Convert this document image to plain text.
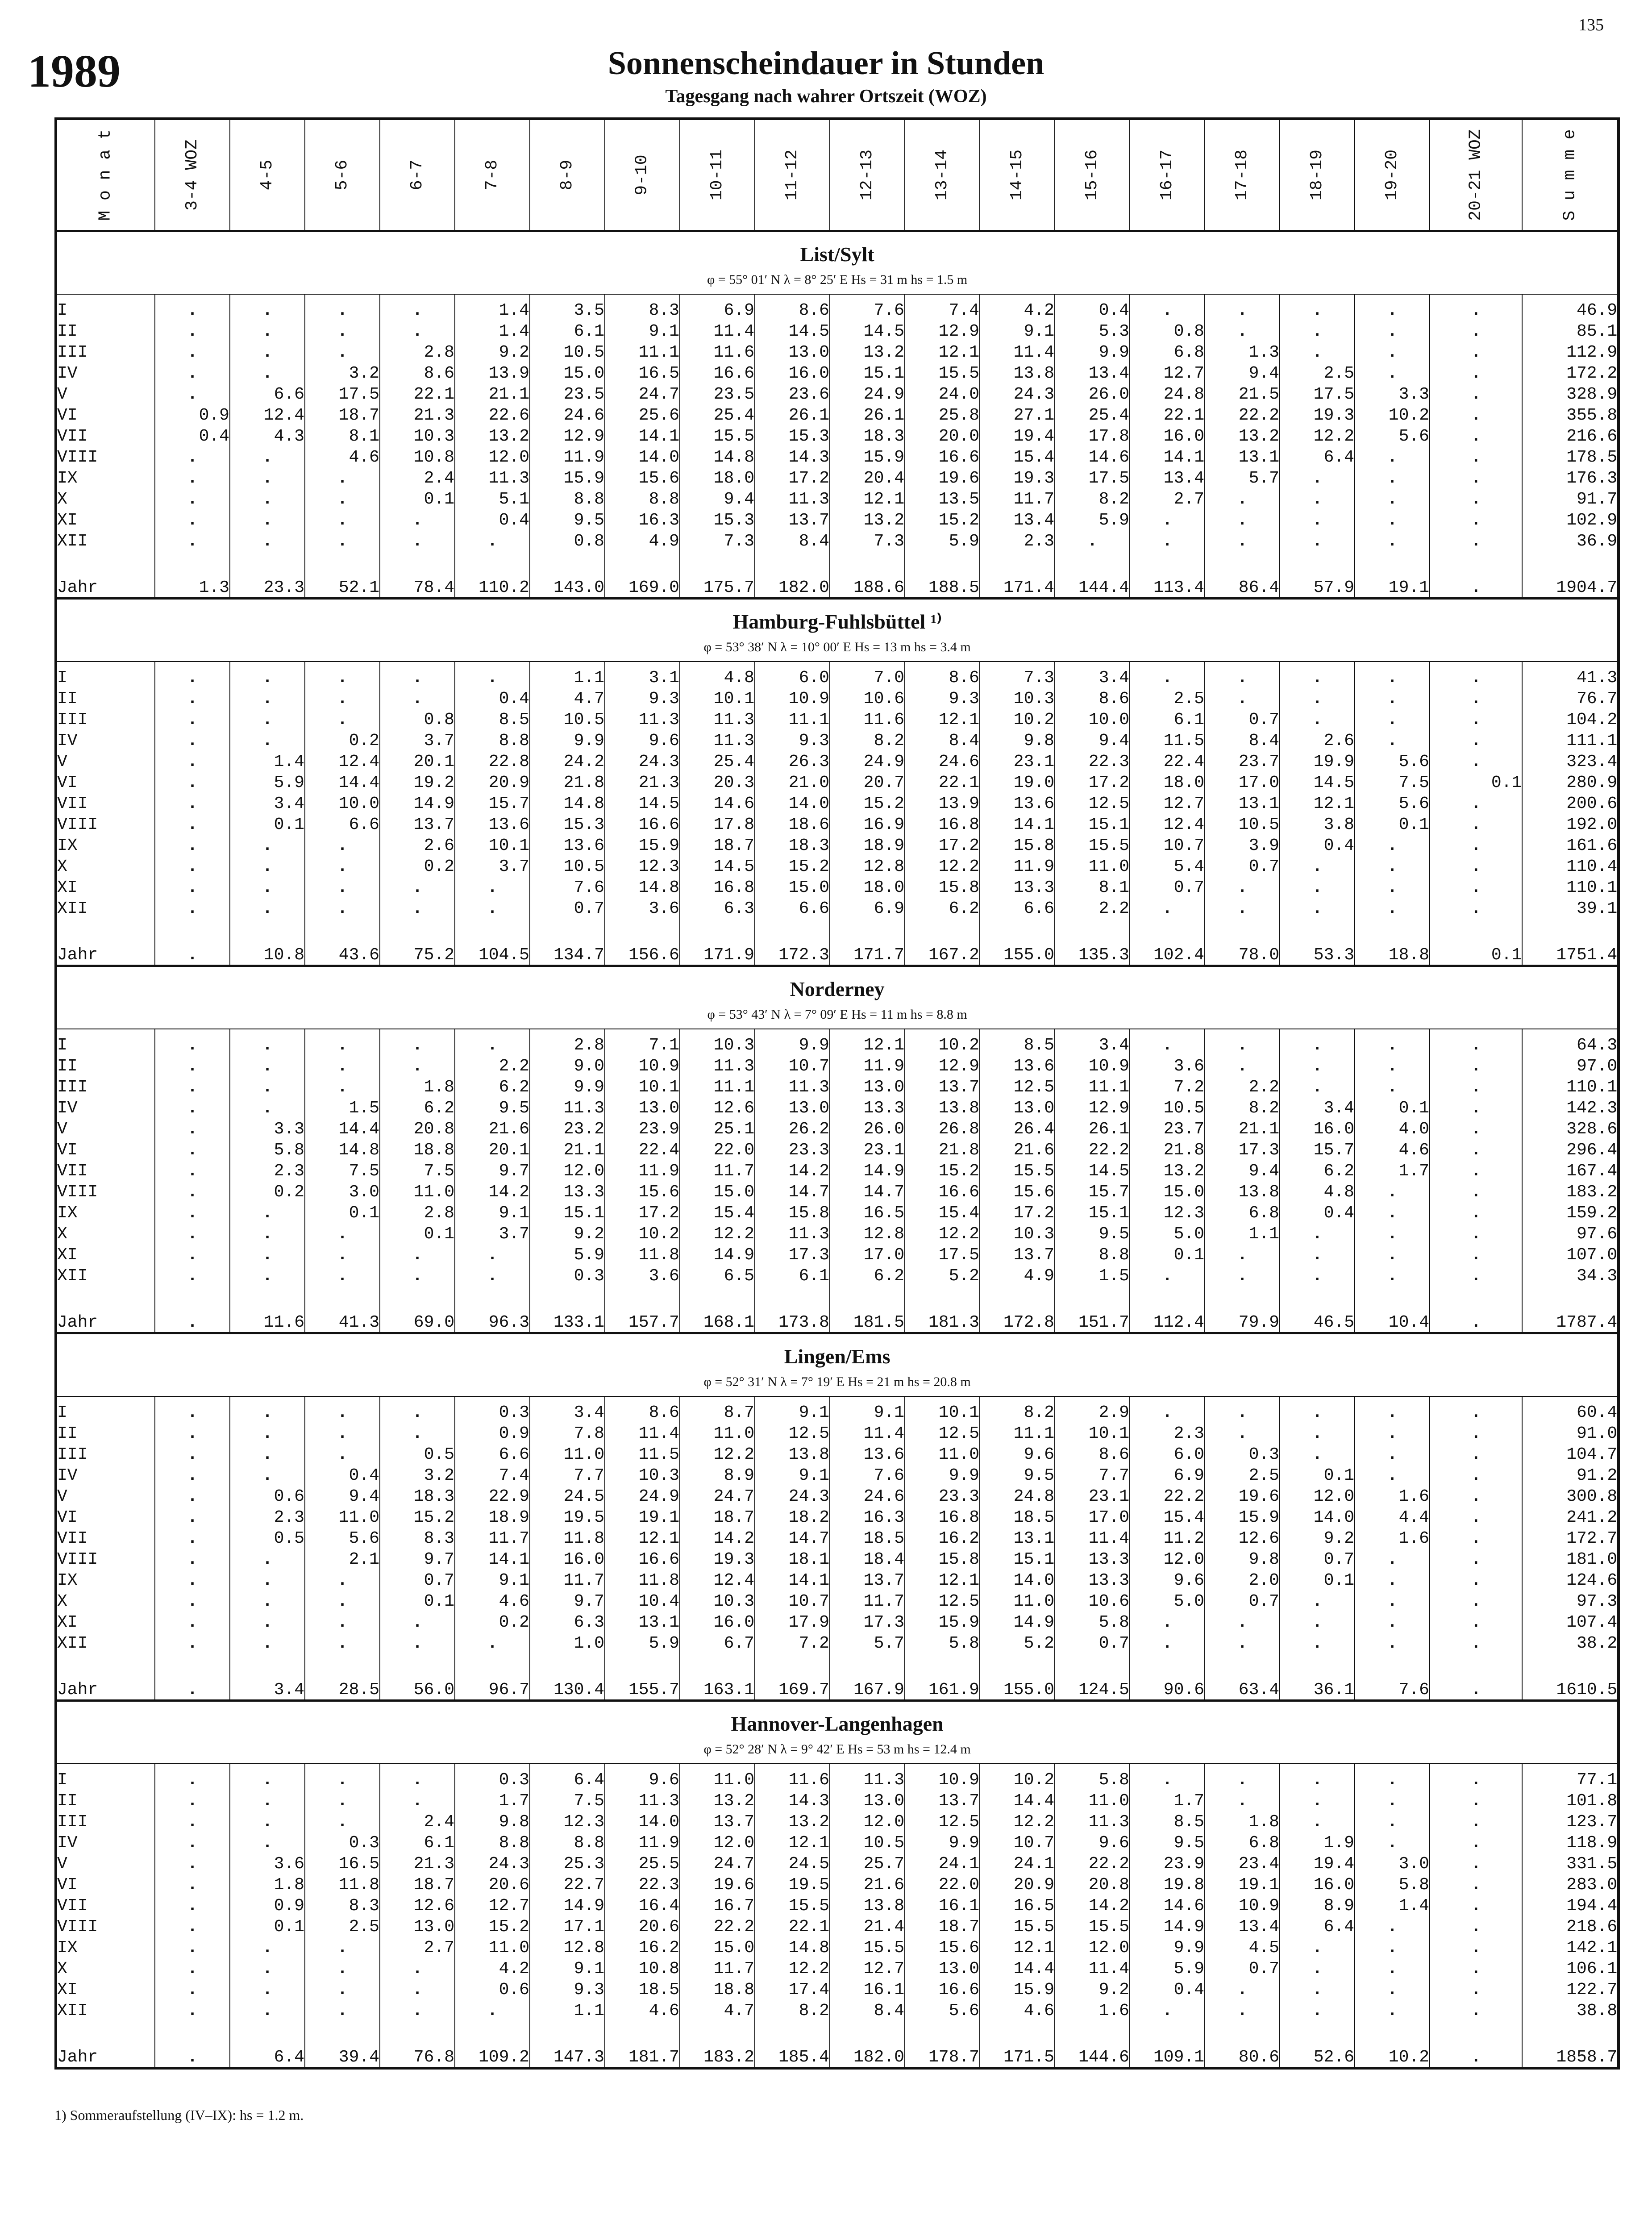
135
1989	Sonnenscheindauer in Stunden
Tagesgang nach wahrer Ortszeit (WOZ)
M o n a t	3-4 WOZ	4-5	5-6	6-7	7-8	8-9	9-10	10-11	11-12	12-13	13-14	14-15	15-16	16-17	17-18	18-19	19-20	20-21 WOZ	S u m m e
List/Sylt																			
φ = 55° 01′ N λ = 8° 25′ E Hs = 31 m hs = 1.5 m																			

I	.	.	.	.	1.4	3.5	8.3	6.9	8.6	7.6	7.4	4.2	0.4	.	.	.	.	.	46.9
II	.	.	.	.	1.4	6.1	9.1	11.4	14.5	14.5	12.9	9.1	5.3	0.8	.	.	.	.	85.1
III	.	.	.	2.8	9.2	10.5	11.1	11.6	13.0	13.2	12.1	11.4	9.9	6.8	1.3	.	.	.	112.9
IV	.	.	3.2	8.6	13.9	15.0	16.5	16.6	16.0	15.1	15.5	13.8	13.4	12.7	9.4	2.5	.	.	172.2
V	.	6.6	17.5	22.1	21.1	23.5	24.7	23.5	23.6	24.9	24.0	24.3	26.0	24.8	21.5	17.5	3.3	.	328.9
VI	0.9	12.4	18.7	21.3	22.6	24.6	25.6	25.4	26.1	26.1	25.8	27.1	25.4	22.1	22.2	19.3	10.2	.	355.8
VII	0.4	4.3	8.1	10.3	13.2	12.9	14.1	15.5	15.3	18.3	20.0	19.4	17.8	16.0	13.2	12.2	5.6	.	216.6
VIII	.	.	4.6	10.8	12.0	11.9	14.0	14.8	14.3	15.9	16.6	15.4	14.6	14.1	13.1	6.4	.	.	178.5
IX	.	.	.	2.4	11.3	15.9	15.6	18.0	17.2	20.4	19.6	19.3	17.5	13.4	5.7	.	.	.	176.3
X	.	.	.	0.1	5.1	8.8	8.8	9.4	11.3	12.1	13.5	11.7	8.2	2.7	.	.	.	.	91.7
XI	.	.	.	.	0.4	9.5	16.3	15.3	13.7	13.2	15.2	13.4	5.9	.	.	.	.	.	102.9
XII	.	.	.	.	.	0.8	4.9	7.3	8.4	7.3	5.9	2.3	.	.	.	.	.	.	36.9

Jahr	1.3	23.3	52.1	78.4	110.2	143.0	169.0	175.7	182.0	188.6	188.5	171.4	144.4	113.4	86.4	57.9	19.1	.	1904.7
Hamburg-Fuhlsbüttel ¹⁾																			
φ = 53° 38′ N λ = 10° 00′ E Hs = 13 m hs = 3.4 m																			

I	.	.	.	.	.	1.1	3.1	4.8	6.0	7.0	8.6	7.3	3.4	.	.	.	.	.	41.3
II	.	.	.	.	0.4	4.7	9.3	10.1	10.9	10.6	9.3	10.3	8.6	2.5	.	.	.	.	76.7
III	.	.	.	0.8	8.5	10.5	11.3	11.3	11.1	11.6	12.1	10.2	10.0	6.1	0.7	.	.	.	104.2
IV	.	.	0.2	3.7	8.8	9.9	9.6	11.3	9.3	8.2	8.4	9.8	9.4	11.5	8.4	2.6	.	.	111.1
V	.	1.4	12.4	20.1	22.8	24.2	24.3	25.4	26.3	24.9	24.6	23.1	22.3	22.4	23.7	19.9	5.6	.	323.4
VI	.	5.9	14.4	19.2	20.9	21.8	21.3	20.3	21.0	20.7	22.1	19.0	17.2	18.0	17.0	14.5	7.5	0.1	280.9
VII	.	3.4	10.0	14.9	15.7	14.8	14.5	14.6	14.0	15.2	13.9	13.6	12.5	12.7	13.1	12.1	5.6	.	200.6
VIII	.	0.1	6.6	13.7	13.6	15.3	16.6	17.8	18.6	16.9	16.8	14.1	15.1	12.4	10.5	3.8	0.1	.	192.0
IX	.	.	.	2.6	10.1	13.6	15.9	18.7	18.3	18.9	17.2	15.8	15.5	10.7	3.9	0.4	.	.	161.6
X	.	.	.	0.2	3.7	10.5	12.3	14.5	15.2	12.8	12.2	11.9	11.0	5.4	0.7	.	.	.	110.4
XI	.	.	.	.	.	7.6	14.8	16.8	15.0	18.0	15.8	13.3	8.1	0.7	.	.	.	.	110.1
XII	.	.	.	.	.	0.7	3.6	6.3	6.6	6.9	6.2	6.6	2.2	.	.	.	.	.	39.1

Jahr	.	10.8	43.6	75.2	104.5	134.7	156.6	171.9	172.3	171.7	167.2	155.0	135.3	102.4	78.0	53.3	18.8	0.1	1751.4
Norderney																			
φ = 53° 43′ N λ = 7° 09′ E Hs = 11 m hs = 8.8 m																			

I	.	.	.	.	.	2.8	7.1	10.3	9.9	12.1	10.2	8.5	3.4	.	.	.	.	.	64.3
II	.	.	.	.	2.2	9.0	10.9	11.3	10.7	11.9	12.9	13.6	10.9	3.6	.	.	.	.	97.0
III	.	.	.	1.8	6.2	9.9	10.1	11.1	11.3	13.0	13.7	12.5	11.1	7.2	2.2	.	.	.	110.1
IV	.	.	1.5	6.2	9.5	11.3	13.0	12.6	13.0	13.3	13.8	13.0	12.9	10.5	8.2	3.4	0.1	.	142.3
V	.	3.3	14.4	20.8	21.6	23.2	23.9	25.1	26.2	26.0	26.8	26.4	26.1	23.7	21.1	16.0	4.0	.	328.6
VI	.	5.8	14.8	18.8	20.1	21.1	22.4	22.0	23.3	23.1	21.8	21.6	22.2	21.8	17.3	15.7	4.6	.	296.4
VII	.	2.3	7.5	7.5	9.7	12.0	11.9	11.7	14.2	14.9	15.2	15.5	14.5	13.2	9.4	6.2	1.7	.	167.4
VIII	.	0.2	3.0	11.0	14.2	13.3	15.6	15.0	14.7	14.7	16.6	15.6	15.7	15.0	13.8	4.8	.	.	183.2
IX	.	.	0.1	2.8	9.1	15.1	17.2	15.4	15.8	16.5	15.4	17.2	15.1	12.3	6.8	0.4	.	.	159.2
X	.	.	.	0.1	3.7	9.2	10.2	12.2	11.3	12.8	12.2	10.3	9.5	5.0	1.1	.	.	.	97.6
XI	.	.	.	.	.	5.9	11.8	14.9	17.3	17.0	17.5	13.7	8.8	0.1	.	.	.	.	107.0
XII	.	.	.	.	.	0.3	3.6	6.5	6.1	6.2	5.2	4.9	1.5	.	.	.	.	.	34.3

Jahr	.	11.6	41.3	69.0	96.3	133.1	157.7	168.1	173.8	181.5	181.3	172.8	151.7	112.4	79.9	46.5	10.4	.	1787.4
Lingen/Ems																			
φ = 52° 31′ N λ = 7° 19′ E Hs = 21 m hs = 20.8 m																			

I	.	.	.	.	0.3	3.4	8.6	8.7	9.1	9.1	10.1	8.2	2.9	.	.	.	.	.	60.4
II	.	.	.	.	0.9	7.8	11.4	11.0	12.5	11.4	12.5	11.1	10.1	2.3	.	.	.	.	91.0
III	.	.	.	0.5	6.6	11.0	11.5	12.2	13.8	13.6	11.0	9.6	8.6	6.0	0.3	.	.	.	104.7
IV	.	.	0.4	3.2	7.4	7.7	10.3	8.9	9.1	7.6	9.9	9.5	7.7	6.9	2.5	0.1	.	.	91.2
V	.	0.6	9.4	18.3	22.9	24.5	24.9	24.7	24.3	24.6	23.3	24.8	23.1	22.2	19.6	12.0	1.6	.	300.8
VI	.	2.3	11.0	15.2	18.9	19.5	19.1	18.7	18.2	16.3	16.8	18.5	17.0	15.4	15.9	14.0	4.4	.	241.2
VII	.	0.5	5.6	8.3	11.7	11.8	12.1	14.2	14.7	18.5	16.2	13.1	11.4	11.2	12.6	9.2	1.6	.	172.7
VIII	.	.	2.1	9.7	14.1	16.0	16.6	19.3	18.1	18.4	15.8	15.1	13.3	12.0	9.8	0.7	.	.	181.0
IX	.	.	.	0.7	9.1	11.7	11.8	12.4	14.1	13.7	12.1	14.0	13.3	9.6	2.0	0.1	.	.	124.6
X	.	.	.	0.1	4.6	9.7	10.4	10.3	10.7	11.7	12.5	11.0	10.6	5.0	0.7	.	.	.	97.3
XI	.	.	.	.	0.2	6.3	13.1	16.0	17.9	17.3	15.9	14.9	5.8	.	.	.	.	.	107.4
XII	.	.	.	.	.	1.0	5.9	6.7	7.2	5.7	5.8	5.2	0.7	.	.	.	.	.	38.2

Jahr	.	3.4	28.5	56.0	96.7	130.4	155.7	163.1	169.7	167.9	161.9	155.0	124.5	90.6	63.4	36.1	7.6	.	1610.5
Hannover-Langenhagen																			
φ = 52° 28′ N λ = 9° 42′ E Hs = 53 m hs = 12.4 m																			

I	.	.	.	.	0.3	6.4	9.6	11.0	11.6	11.3	10.9	10.2	5.8	.	.	.	.	.	77.1
II	.	.	.	.	1.7	7.5	11.3	13.2	14.3	13.0	13.7	14.4	11.0	1.7	.	.	.	.	101.8
III	.	.	.	2.4	9.8	12.3	14.0	13.7	13.2	12.0	12.5	12.2	11.3	8.5	1.8	.	.	.	123.7
IV	.	.	0.3	6.1	8.8	8.8	11.9	12.0	12.1	10.5	9.9	10.7	9.6	9.5	6.8	1.9	.	.	118.9
V	.	3.6	16.5	21.3	24.3	25.3	25.5	24.7	24.5	25.7	24.1	24.1	22.2	23.9	23.4	19.4	3.0	.	331.5
VI	.	1.8	11.8	18.7	20.6	22.7	22.3	19.6	19.5	21.6	22.0	20.9	20.8	19.8	19.1	16.0	5.8	.	283.0
VII	.	0.9	8.3	12.6	12.7	14.9	16.4	16.7	15.5	13.8	16.1	16.5	14.2	14.6	10.9	8.9	1.4	.	194.4
VIII	.	0.1	2.5	13.0	15.2	17.1	20.6	22.2	22.1	21.4	18.7	15.5	15.5	14.9	13.4	6.4	.	.	218.6
IX	.	.	.	2.7	11.0	12.8	16.2	15.0	14.8	15.5	15.6	12.1	12.0	9.9	4.5	.	.	.	142.1
X	.	.	.	.	4.2	9.1	10.8	11.7	12.2	12.7	13.0	14.4	11.4	5.9	0.7	.	.	.	106.1
XI	.	.	.	.	0.6	9.3	18.5	18.8	17.4	16.1	16.6	15.9	9.2	0.4	.	.	.	.	122.7
XII	.	.	.	.	.	1.1	4.6	4.7	8.2	8.4	5.6	4.6	1.6	.	.	.	.	.	38.8

Jahr	.	6.4	39.4	76.8	109.2	147.3	181.7	183.2	185.4	182.0	178.7	171.5	144.6	109.1	80.6	52.6	10.2	.	1858.7
1) Sommeraufstellung (IV–IX): hs = 1.2 m.
